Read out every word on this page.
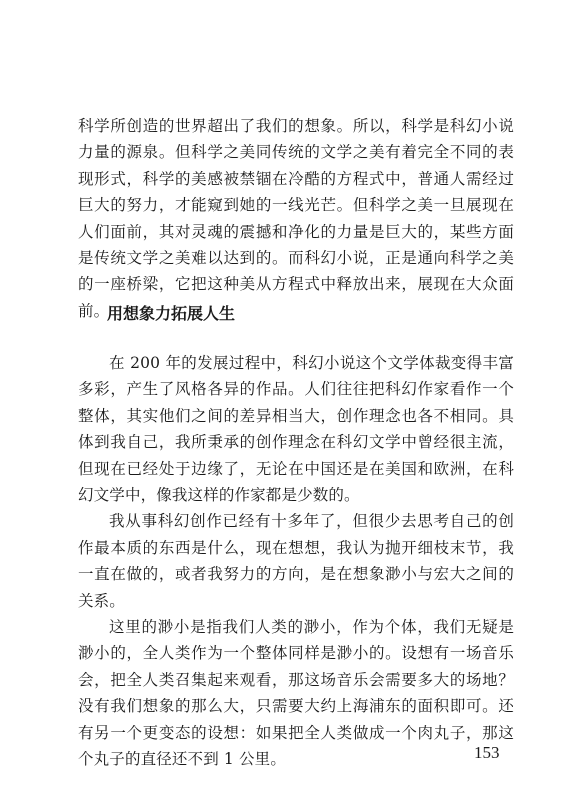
科学所创造的世界超出了我们的想象。所以，科学是科幻小说力量的源泉。但科学之美同传统的文学之美有着完全不同的表现形式，科学的美感被禁锢在冷酷的方程式中，普通人需经过巨大的努力，才能窥到她的一线光芒。但科学之美一旦展现在人们面前，其对灵魂的震撼和净化的力量是巨大的，某些方面是传统文学之美难以达到的。而科幻小说，正是通向科学之美的一座桥梁，它把这种美从方程式中释放出来，展现在大众面前。

用想象力拓展人生

在 200 年的发展过程中，科幻小说这个文学体裁变得丰富多彩，产生了风格各异的作品。人们往往把科幻作家看作一个整体，其实他们之间的差异相当大，创作理念也各不相同。具体到我自己，我所秉承的创作理念在科幻文学中曾经很主流，但现在已经处于边缘了，无论在中国还是在美国和欧洲，在科幻文学中，像我这样的作家都是少数的。

我从事科幻创作已经有十多年了，但很少去思考自己的创作最本质的东西是什么，现在想想，我认为抛开细枝末节，我一直在做的，或者我努力的方向，是在想象渺小与宏大之间的关系。

这里的渺小是指我们人类的渺小，作为个体，我们无疑是渺小的，全人类作为一个整体同样是渺小的。设想有一场音乐会，把全人类召集起来观看，那这场音乐会需要多大的场地？没有我们想象的那么大，只需要大约上海浦东的面积即可。还有另一个更变态的设想：如果把全人类做成一个肉丸子，那这个丸子的直径还不到 1 公里。	153
